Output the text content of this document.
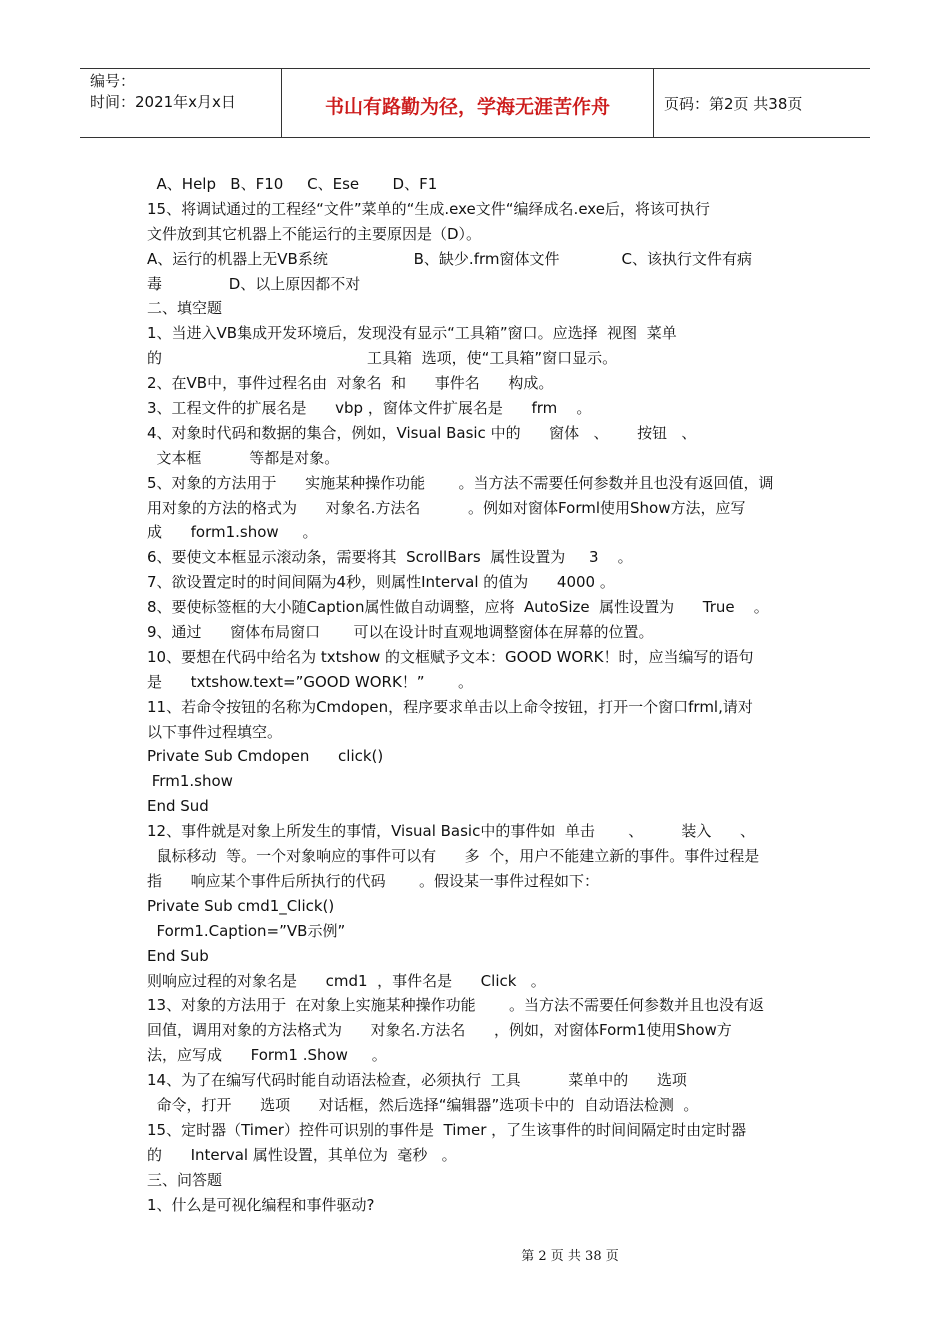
编号：
时间：2021年x月x日	书山有路勤为径，学海无涯苦作舟	页码：第2页 共38页
A、Help   B、F10     C、Ese       D、F1
15、将调试通过的工程经“文件”菜单的“生成.exe文件“编绎成名.exe后，将该可执行
文件放到其它机器上不能运行的主要原因是（D）。
A、运行的机器上无VB系统                  B、缺少.frm窗体文件             C、该执行文件有病
毒              D、以上原因都不对
二、填空题
1、当进入VB集成开发环境后，发现没有显示“工具箱”窗口。应选择  视图  菜单
的                                           工具箱  选项，使“工具箱”窗口显示。
2、在VB中，事件过程名由  对象名  和      事件名      构成。
3、工程文件的扩展名是      vbp ，窗体文件扩展名是      frm    。
4、对象时代码和数据的集合，例如，Visual Basic 中的      窗体   、      按钮   、
文本框          等都是对象。
5、对象的方法用于      实施某种操作功能       。当方法不需要任何参数并且也没有返回值，调
用对象的方法的格式为      对象名.方法名          。例如对窗体Forml使用Show方法，应写
成      form1.show     。
6、要使文本框显示滚动条，需要将其  ScrollBars  属性设置为     3    。
7、欲设置定时的时间间隔为4秒，则属性Interval 的值为      4000 。
8、要使标签框的大小随Caption属性做自动调整，应将  AutoSize  属性设置为      True    。
9、通过      窗体布局窗口       可以在设计时直观地调整窗体在屏幕的位置。
10、要想在代码中给名为 txtshow 的文框赋予文本：GOOD WORK！时，应当编写的语句
是      txtshow.text=”GOOD WORK！”       。
11、若命令按钮的名称为Cmdopen，程序要求单击以上命令按钮，打开一个窗口frml,请对
以下事件过程填空。
Private Sub Cmdopen      click()
Frm1.show
End Sud
12、事件就是对象上所发生的事情，Visual Basic中的事件如  单击       、        装入      、
鼠标移动  等。一个对象响应的事件可以有      多  个，用户不能建立新的事件。事件过程是
指      响应某个事件后所执行的代码       。假设某一事件过程如下：
Private Sub cmd1_Click()
Form1.Caption=”VB示例”
End Sub
则响应过程的对象名是      cmd1  ，事件名是      Click   。
13、对象的方法用于  在对象上实施某种操作功能       。当方法不需要任何参数并且也没有返
回值，调用对象的方法格式为      对象名.方法名      ，例如，对窗体Form1使用Show方
法，应写成      Form1 .Show     。
14、为了在编写代码时能自动语法检查，必须执行  工具          菜单中的      选项
命令，打开      选项      对话框，然后选择“编辑器”选项卡中的  自动语法检测  。
15、定时器（Timer）控件可识别的事件是  Timer ，了生该事件的时间间隔定时由定时器
的      Interval 属性设置，其单位为  毫秒   。
三、问答题
1、什么是可视化编程和事件驱动?
第 2 页 共 38 页
